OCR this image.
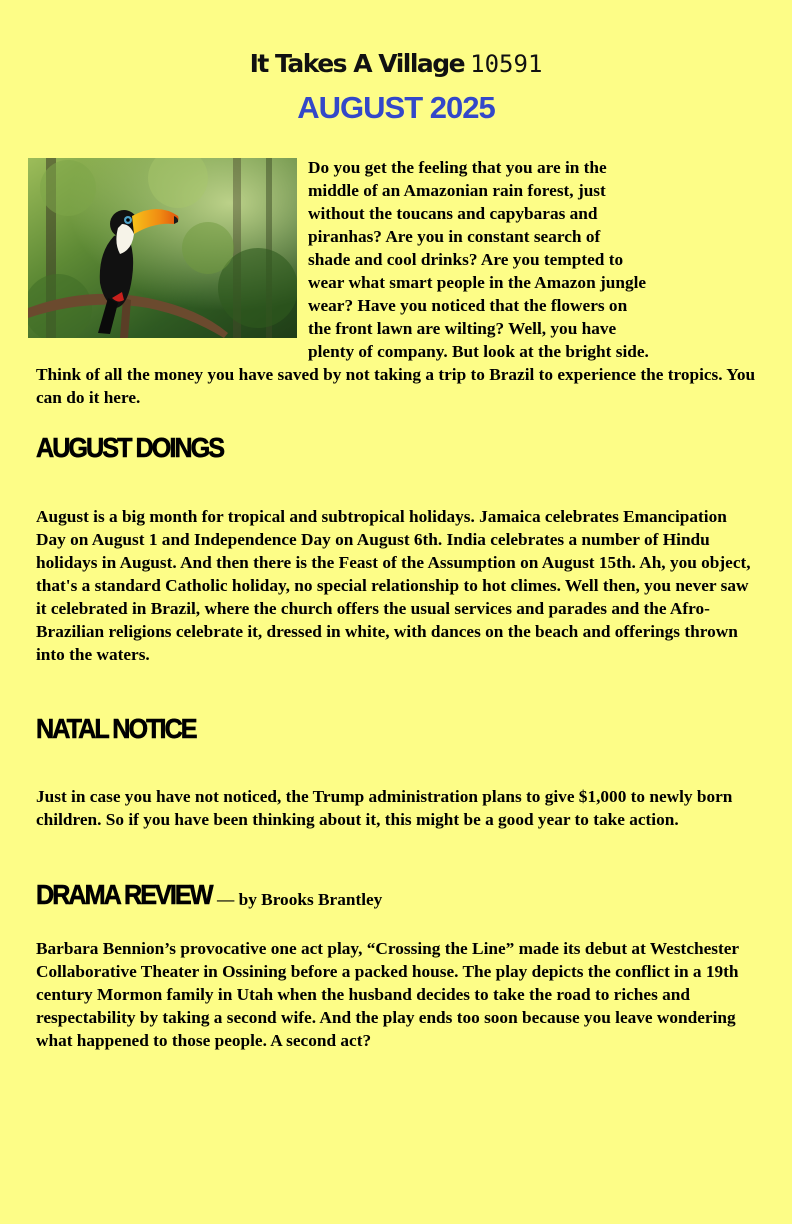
It Takes A Village 10591
AUGUST 2025
Do you get the feeling that you are in the
middle of an Amazonian rain forest, just
without the toucans and capybaras and
piranhas? Are you in constant search of
shade and cool drinks? Are you tempted to
wear what smart people in the Amazon jungle
wear? Have you noticed that the flowers on
the front lawn are wilting? Well, you have
plenty of company. But look at the bright side.

Think of all the money you have saved by not taking a trip to Brazil to experience the tropics. You can do it here.

AUGUST DOINGS

August is a big month for tropical and subtropical holidays. Jamaica celebrates Emancipation Day on August 1 and Independence Day on August 6th. India celebrates a number of Hindu holidays in August. And then there is the Feast of the Assumption on August 15th. Ah, you object, that's a standard Catholic holiday, no special relationship to hot climes. Well then, you never saw it celebrated in Brazil, where the church offers the usual services and parades and the Afro-Brazilian religions celebrate it, dressed in white, with dances on the beach and offerings thrown into the waters.

NATAL NOTICE

Just in case you have not noticed, the Trump administration plans to give $1,000 to newly born children. So if you have been thinking about it, this might be a good year to take action.

DRAMA REVIEW — by Brooks Brantley

Barbara Bennion’s provocative one act play, “Crossing the Line” made its debut at Westchester Collaborative Theater in Ossining before a packed house. The play depicts the conflict in a 19th century Mormon family in Utah when the husband decides to take the road to riches and respectability by taking a second wife. And the play ends too soon because you leave wondering what happened to those people. A second act?
